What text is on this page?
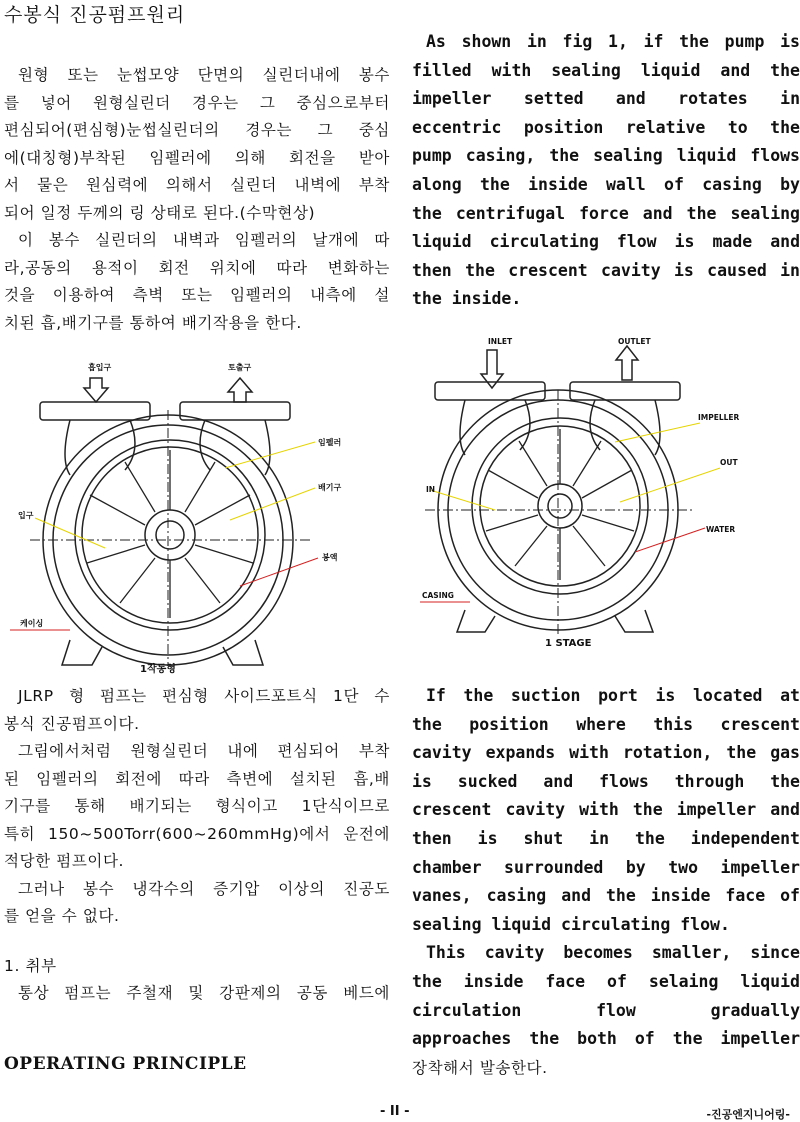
수봉식 진공펌프원리
원형 또는 눈썹모양 단면의 실린더내에 봉수
를 넣어 원형실린더 경우는 그 중심으로부터
편심되어(편심형)눈썹실린더의 경우는 그 중심
에(대칭형)부착된 임펠러에 의해 회전을 받아
서 물은 원심력에 의해서 실린더 내벽에 부착
되어 일정 두께의 링 상태로 된다.(수막현상)
이 봉수 실린더의 내벽과 임펠러의 날개에 따
라,공동의 용적이 회전 위치에 따라 변화하는
것을 이용하여 측벽 또는 임펠러의 내측에 설
치된 흡,배기구를 통하여 배기작용을 한다.
As shown in fig 1, if the pump is
filled with sealing liquid and the
impeller setted and rotates in
eccentric position relative to the
pump casing, the sealing liquid flows
along the inside wall of casing by
the centrifugal force and the sealing
liquid circulating flow is made and
then the crescent cavity is caused in
the inside.
흡입구	토출구
임펠러
배기구
입구
봉액
케이싱
1작동형
INLET	OUTLET
IMPELLER
OUT
IN
WATER
CASING
1 STAGE
JLRP 형 펌프는 편심형 사이드포트식 1단 수
봉식 진공펌프이다.
그림에서처럼 원형실린더 내에 편심되어 부착
된 임펠러의 회전에 따라 측변에 설치된 흡,배
기구를 통해 배기되는 형식이고 1단식이므로
특히 150~500Torr(600~260mmHg)에서 운전에
적당한 펌프이다.
그러나 봉수 냉각수의 증기압 이상의 진공도
를 얻을 수 없다.
1. 취부
통상 펌프는 주철재 및 강판제의 공동 베드에
OPERATING PRINCIPLE
If the suction port is located at
the position where this crescent
cavity expands with rotation, the gas
is sucked and flows through the
crescent cavity with the impeller and
then is shut in the independent
chamber surrounded by two impeller
vanes, casing and the inside face of
sealing liquid circulating flow.
This cavity becomes smaller, since
the inside face of selaing liquid
circulation flow gradually
approaches the both of the impeller
장착해서 발송한다.
- II -	-진공엔지니어링-
